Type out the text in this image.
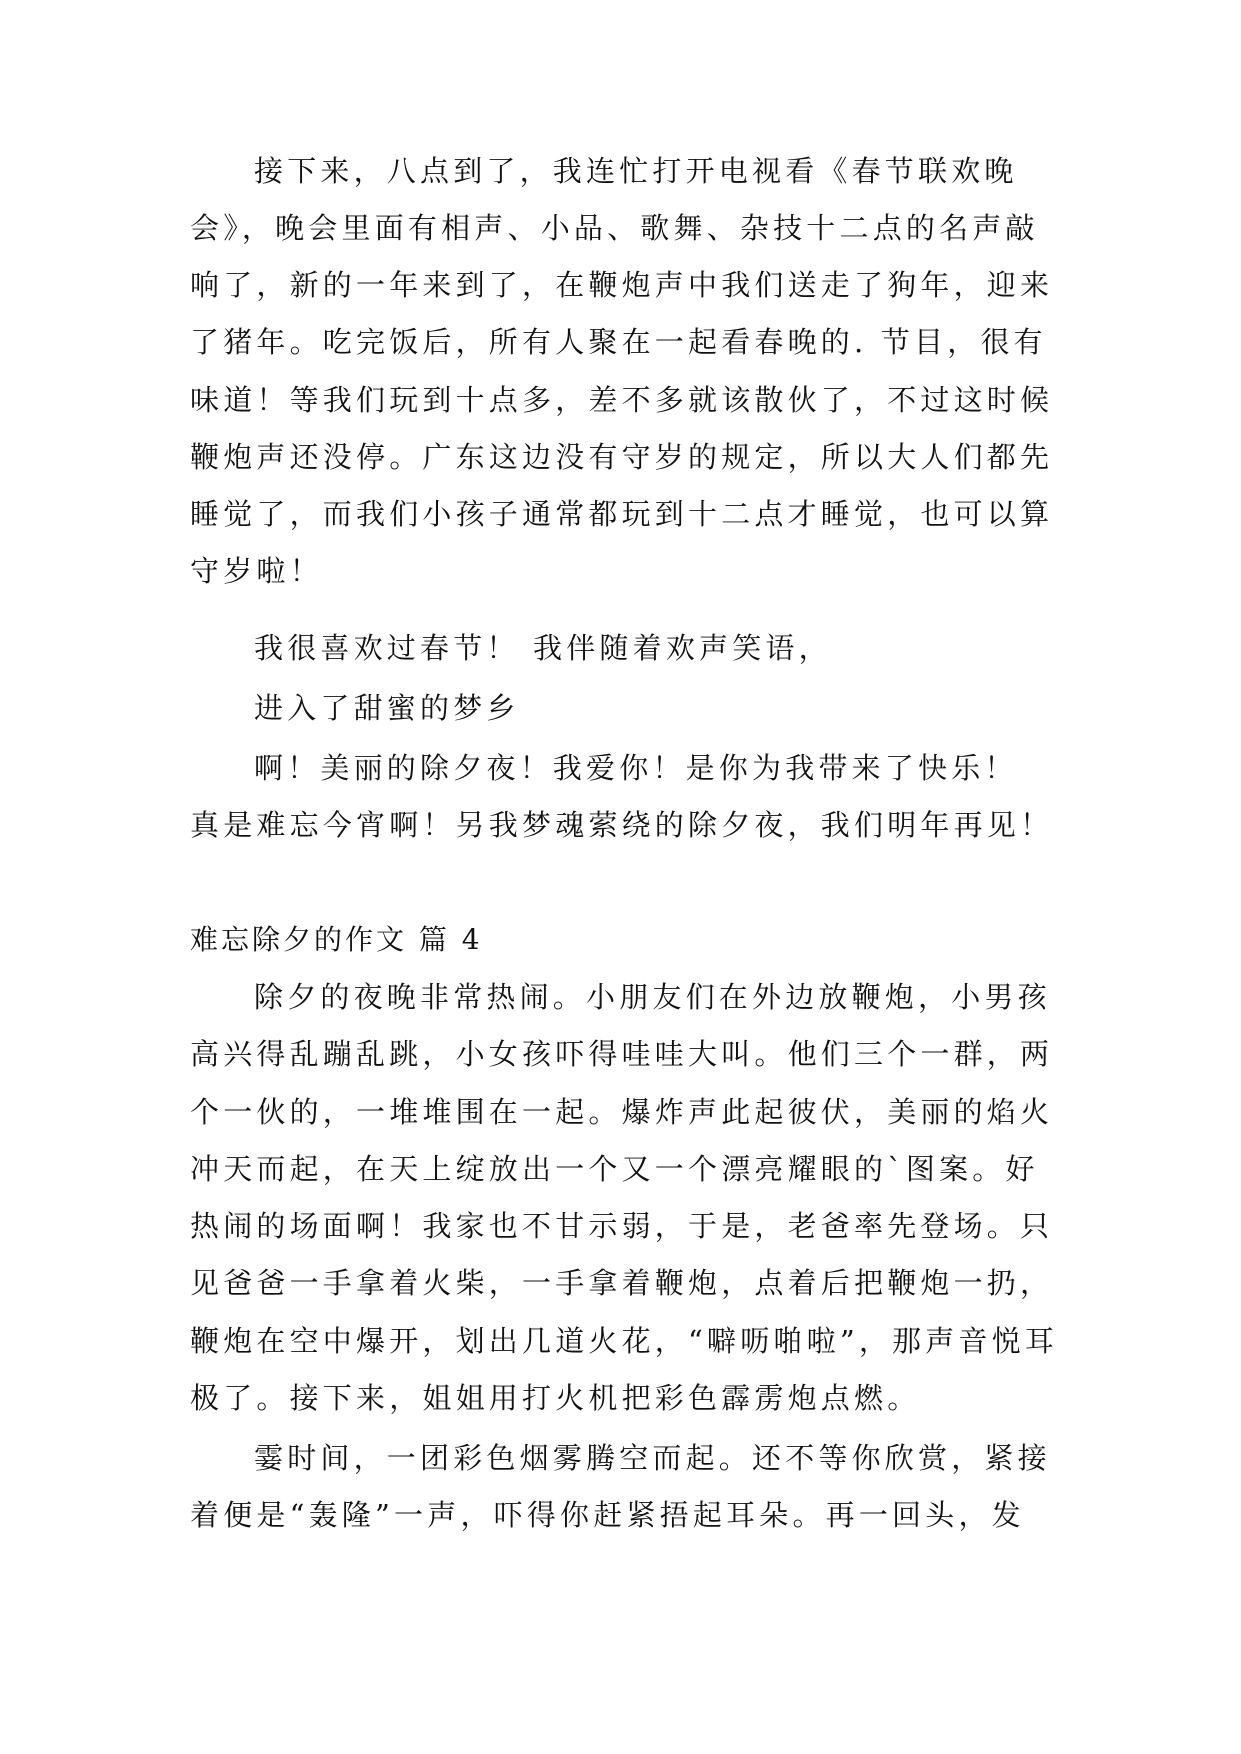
接下来，八点到了，我连忙打开电视看《春节联欢晚
会》，晚会里面有相声、小品、歌舞、杂技十二点的名声敲
响了，新的一年来到了，在鞭炮声中我们送走了狗年，迎来
了猪年。吃完饭后，所有人聚在一起看春晚的. 节目，很有
味道！等我们玩到十点多，差不多就该散伙了，不过这时候
鞭炮声还没停。广东这边没有守岁的规定，所以大人们都先
睡觉了，而我们小孩子通常都玩到十二点才睡觉，也可以算
守岁啦！
我很喜欢过春节！ 我伴随着欢声笑语，
进入了甜蜜的梦乡
啊！美丽的除夕夜！我爱你！是你为我带来了快乐！
真是难忘今宵啊！另我梦魂萦绕的除夕夜，我们明年再见！
难忘除夕的作文 篇 4
除夕的夜晚非常热闹。小朋友们在外边放鞭炮，小男孩
高兴得乱蹦乱跳，小女孩吓得哇哇大叫。他们三个一群，两
个一伙的，一堆堆围在一起。爆炸声此起彼伏，美丽的焰火
冲天而起，在天上绽放出一个又一个漂亮耀眼的`图案。好
热闹的场面啊！我家也不甘示弱，于是，老爸率先登场。只
见爸爸一手拿着火柴，一手拿着鞭炮，点着后把鞭炮一扔，
鞭炮在空中爆开，划出几道火花，“噼呖啪啦”，那声音悦耳
极了。接下来，姐姐用打火机把彩色霹雳炮点燃。
霎时间，一团彩色烟雾腾空而起。还不等你欣赏，紧接
着便是“轰隆”一声，吓得你赶紧捂起耳朵。再一回头，发
